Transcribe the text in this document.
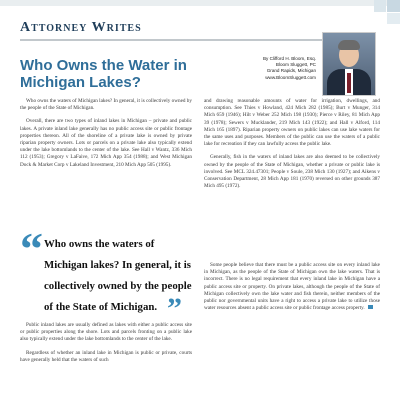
Attorney Writes
Who Owns the Water in Michigan Lakes?
By Clifford H. Bloom, Esq.
Bloom Sluggett, PC
Grand Rapids, Michigan
www.BloomSluggett.com

Who owns the waters of Michigan lakes? In general, it is collectively owned by the people of the State of Michigan.

Overall, there are two types of inland lakes in Michigan – private and public lakes. A private inland lake generally has no public access site or public frontage properties thereon. All of the shoreline of a private lake is owned by private riparian property owners. Lots or parcels on a private lake also typically extend under the lake bottomlands to the center of the lake. See Hall v Wantz, 336 Mich 112 (1953); Gregory v LaFaive, 172 Mich App 354 (1988); and West Michigan Dock & Market Corp v Lakeland Investment, 210 Mich App 505 (1995).

“ Who owns the waters of Michigan lakes? In general, it is collectively owned by the people of the State of Michigan. ”

Public inland lakes are usually defined as lakes with either a public access site or public properties along the shore. Lots and parcels fronting on a public lake also typically extend under the lake bottomlands to the center of the lake.

Regardless of whether an inland lake in Michigan is public or private, courts have generally held that the waters of such

and drawing reasonable amounts of water for irrigation, dwellings, and consumption. See Thies v Howland, 424 Mich 282 (1985); Burt v Munger, 314 Mich 659 (1946); Hilt v Weber 252 Mich 198 (1930); Pierce v Riley, 81 Mich App 39 (1978); Sewers v Mucklander, 219 Mich 143 (1922); and Hall v Alford, 114 Mich 165 (1897). Riparian property owners on public lakes can use lake waters for the same uses and purposes. Members of the public can use the waters of a public lake for recreation if they can lawfully access the public lake.

Generally, fish in the waters of inland lakes are also deemed to be collectively owned by the people of the State of Michigan, whether a private or public lake is involved. See MCL 324.47301; People v Soule, 238 Mich 130 (1927); and Aikens v Conservation Department, 28 Mich App 181 (1970) reversed on other grounds 387 Mich 495 (1972).

Some people believe that there must be a public access site on every inland lake in Michigan, as the people of the State of Michigan own the lake waters. That is incorrect. There is no legal requirement that every inland lake in Michigan have a public access site or property. On private lakes, although the people of the State of Michigan collectively own the lake water and fish therein, neither members of the public nor governmental units have a right to access a private lake to utilize those water resources absent a public access site or public frontage access property.
